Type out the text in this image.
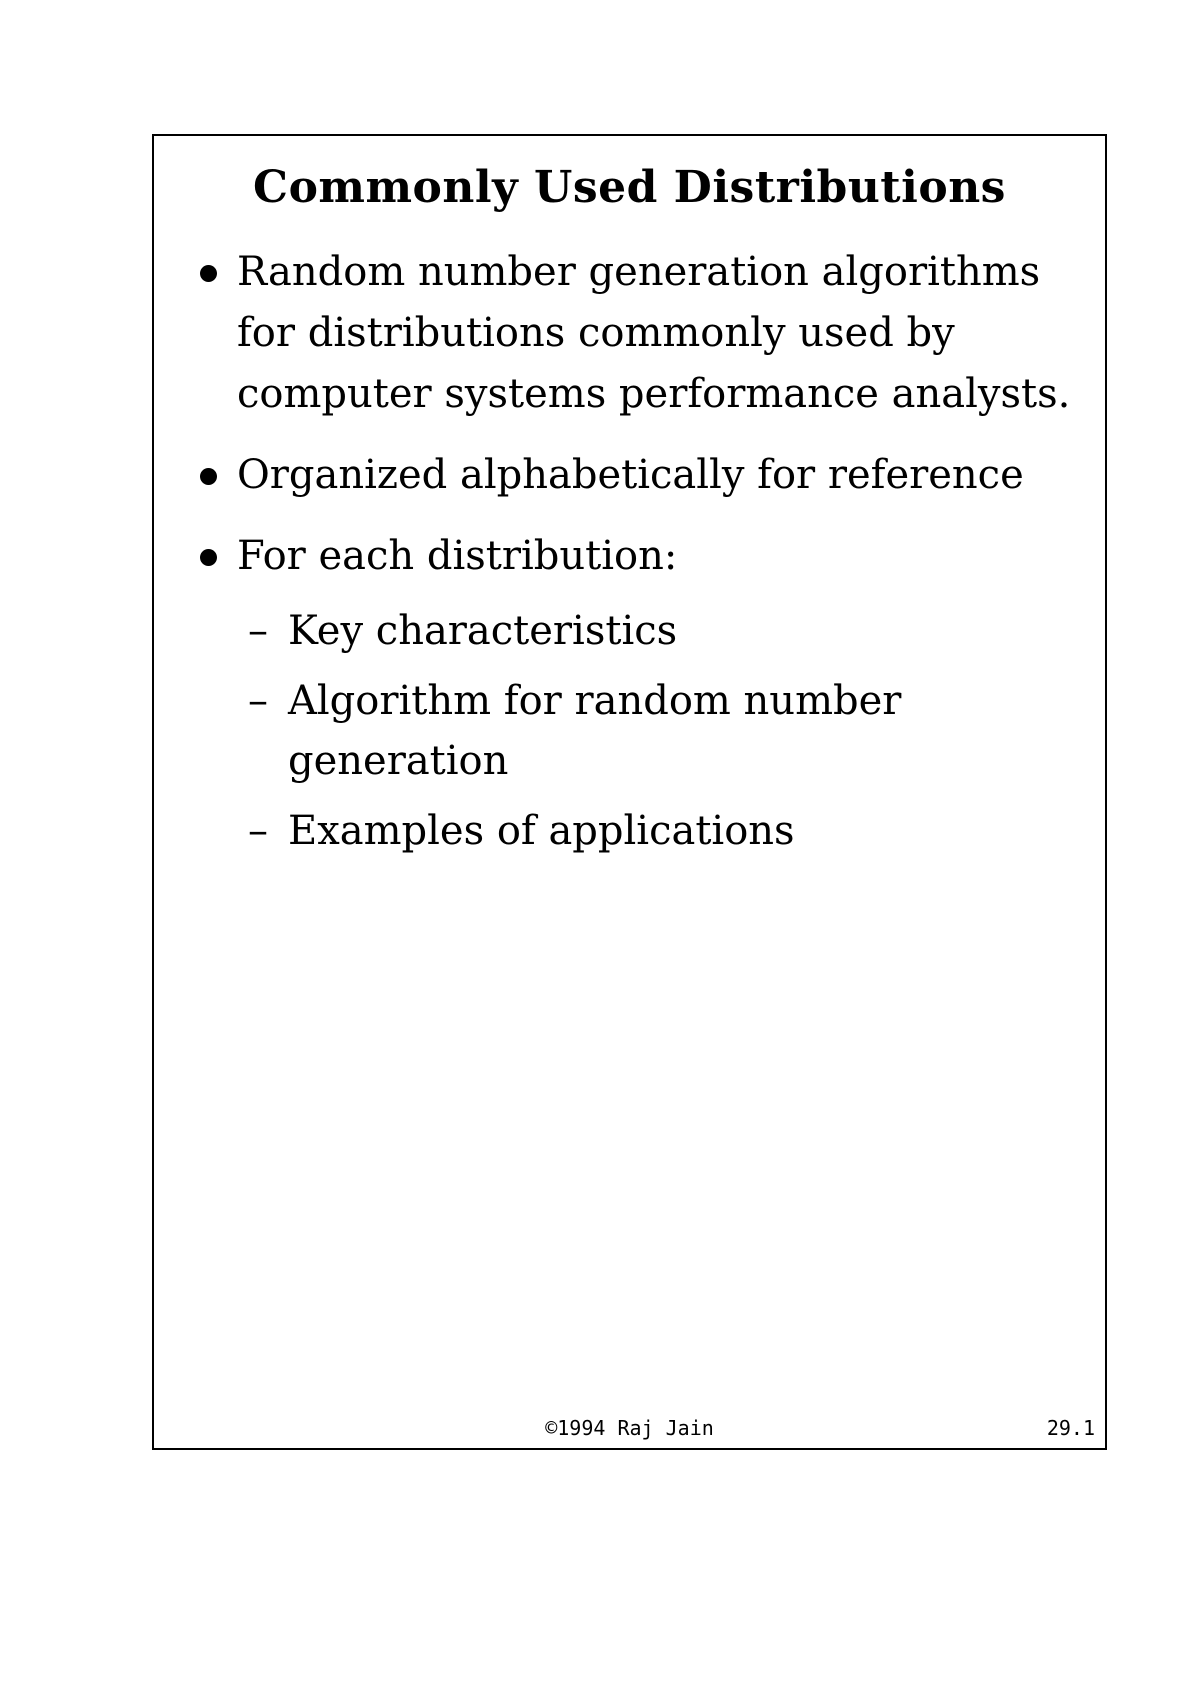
Commonly Used Distributions
Random number generation algorithms for distributions commonly used by computer systems performance analysts.
Organized alphabetically for reference
For each distribution:
– Key characteristics
– Algorithm for random number generation
– Examples of applications
©1994 Raj Jain	29.1
